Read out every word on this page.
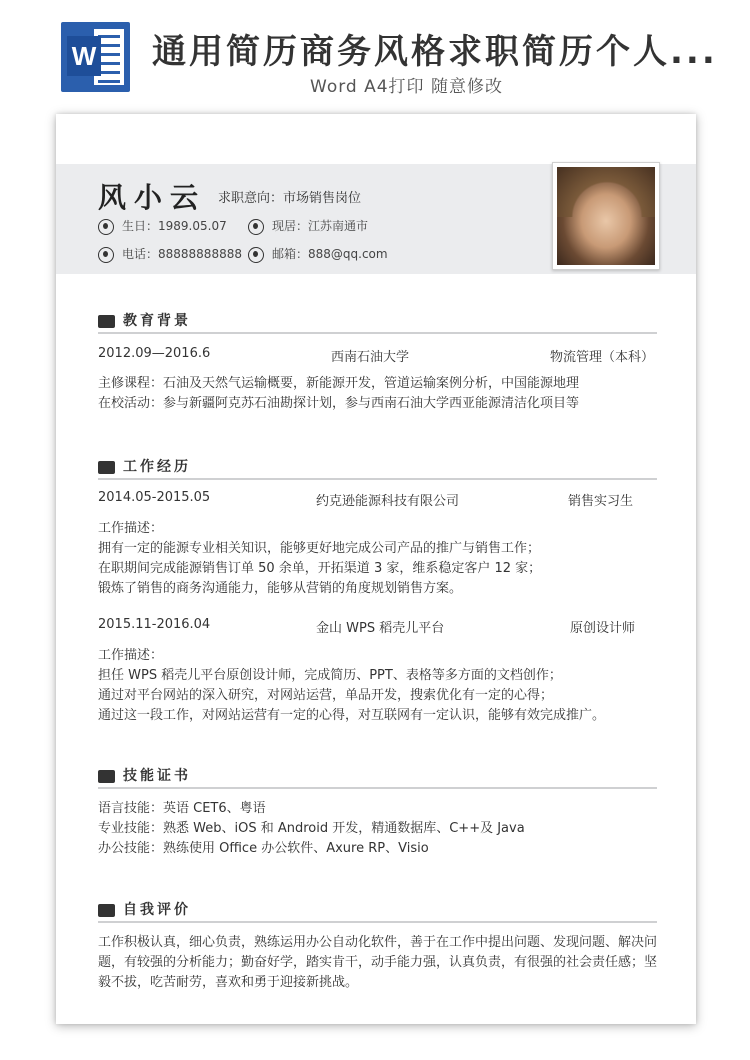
W 通用简历商务风格求职简历个人...
Word A4打印 随意修改
风小云 求职意向：市场销售岗位
生日：1989.05.07	现居：江苏南通市
电话：88888888888	邮箱：888@qq.com
教育背景
2012.09—2016.6	西南石油大学	物流管理（本科）
主修课程：石油及天然气运输概要，新能源开发，管道运输案例分析，中国能源地理
在校活动：参与新疆阿克苏石油勘探计划，参与西南石油大学西亚能源清洁化项目等
工作经历
2014.05-2015.05	约克逊能源科技有限公司	销售实习生
工作描述：
拥有一定的能源专业相关知识，能够更好地完成公司产品的推广与销售工作；
在职期间完成能源销售订单 50 余单，开拓渠道 3 家，维系稳定客户 12 家；
锻炼了销售的商务沟通能力，能够从营销的角度规划销售方案。
2015.11-2016.04	金山 WPS 稻壳儿平台	原创设计师
工作描述：
担任 WPS 稻壳儿平台原创设计师，完成简历、PPT、表格等多方面的文档创作；
通过对平台网站的深入研究，对网站运营，单品开发，搜索优化有一定的心得；
通过这一段工作，对网站运营有一定的心得，对互联网有一定认识，能够有效完成推广。
技能证书
语言技能：英语 CET6、粤语
专业技能：熟悉 Web、iOS 和 Android 开发，精通数据库、C++及 Java
办公技能：熟练使用 Office 办公软件、Axure RP、Visio
自我评价
工作积极认真，细心负责，熟练运用办公自动化软件，善于在工作中提出问题、发现问题、解决问
题，有较强的分析能力；勤奋好学，踏实肯干，动手能力强，认真负责，有很强的社会责任感；坚
毅不拔，吃苦耐劳，喜欢和勇于迎接新挑战。
